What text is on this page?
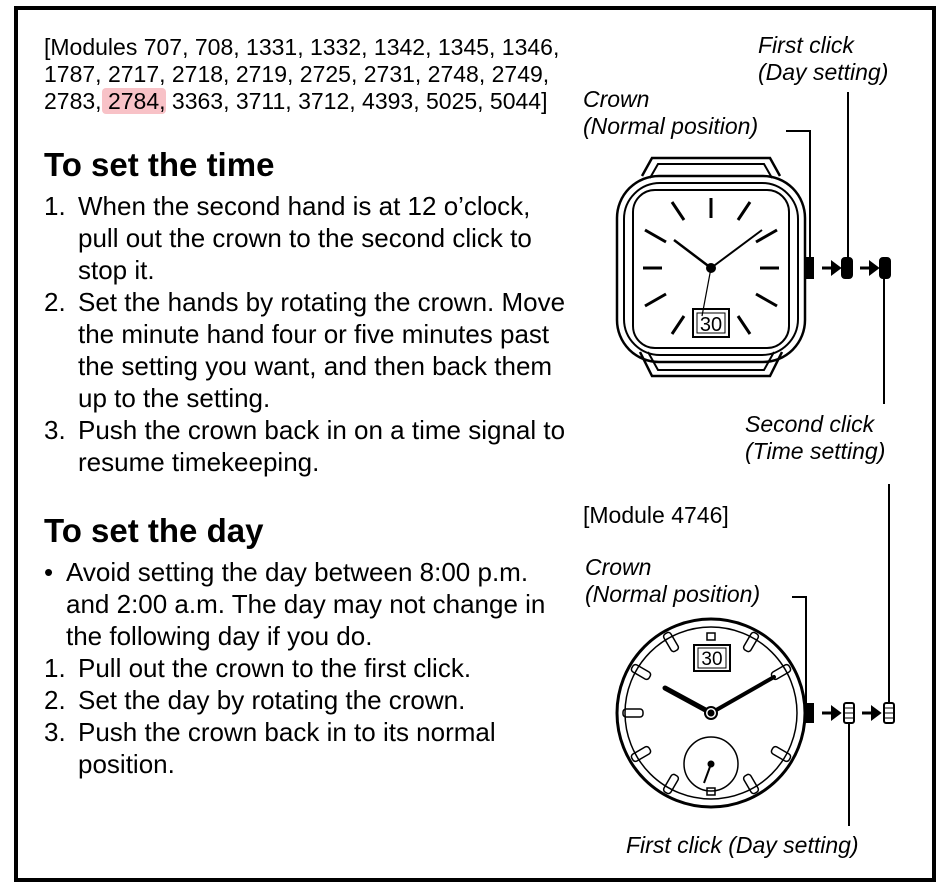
[Modules 707, 708, 1331, 1332, 1342, 1345, 1346, 1787, 2717, 2718, 2719, 2725, 2731, 2748, 2749, 2783, 2784, 3363, 3711, 3712, 4393, 5025, 5044]
To set the time
1. When the second hand is at 12 o’clock, pull out the crown to the second click to stop it.
2. Set the hands by rotating the crown. Move the minute hand four or five minutes past the setting you want, and then back them up to the setting.
3. Push the crown back in on a time signal to resume timekeeping.
To set the day
• Avoid setting the day between 8:00 p.m. and 2:00 a.m. The day may not change in the following day if you do.
1. Pull out the crown to the first click.
2. Set the day by rotating the crown.
3. Push the crown back in to its normal position.
First click
(Day setting)
Crown
(Normal position)
Second click
(Time setting)
[Module 4746]
Crown
(Normal position)
First click (Day setting)
30
30
